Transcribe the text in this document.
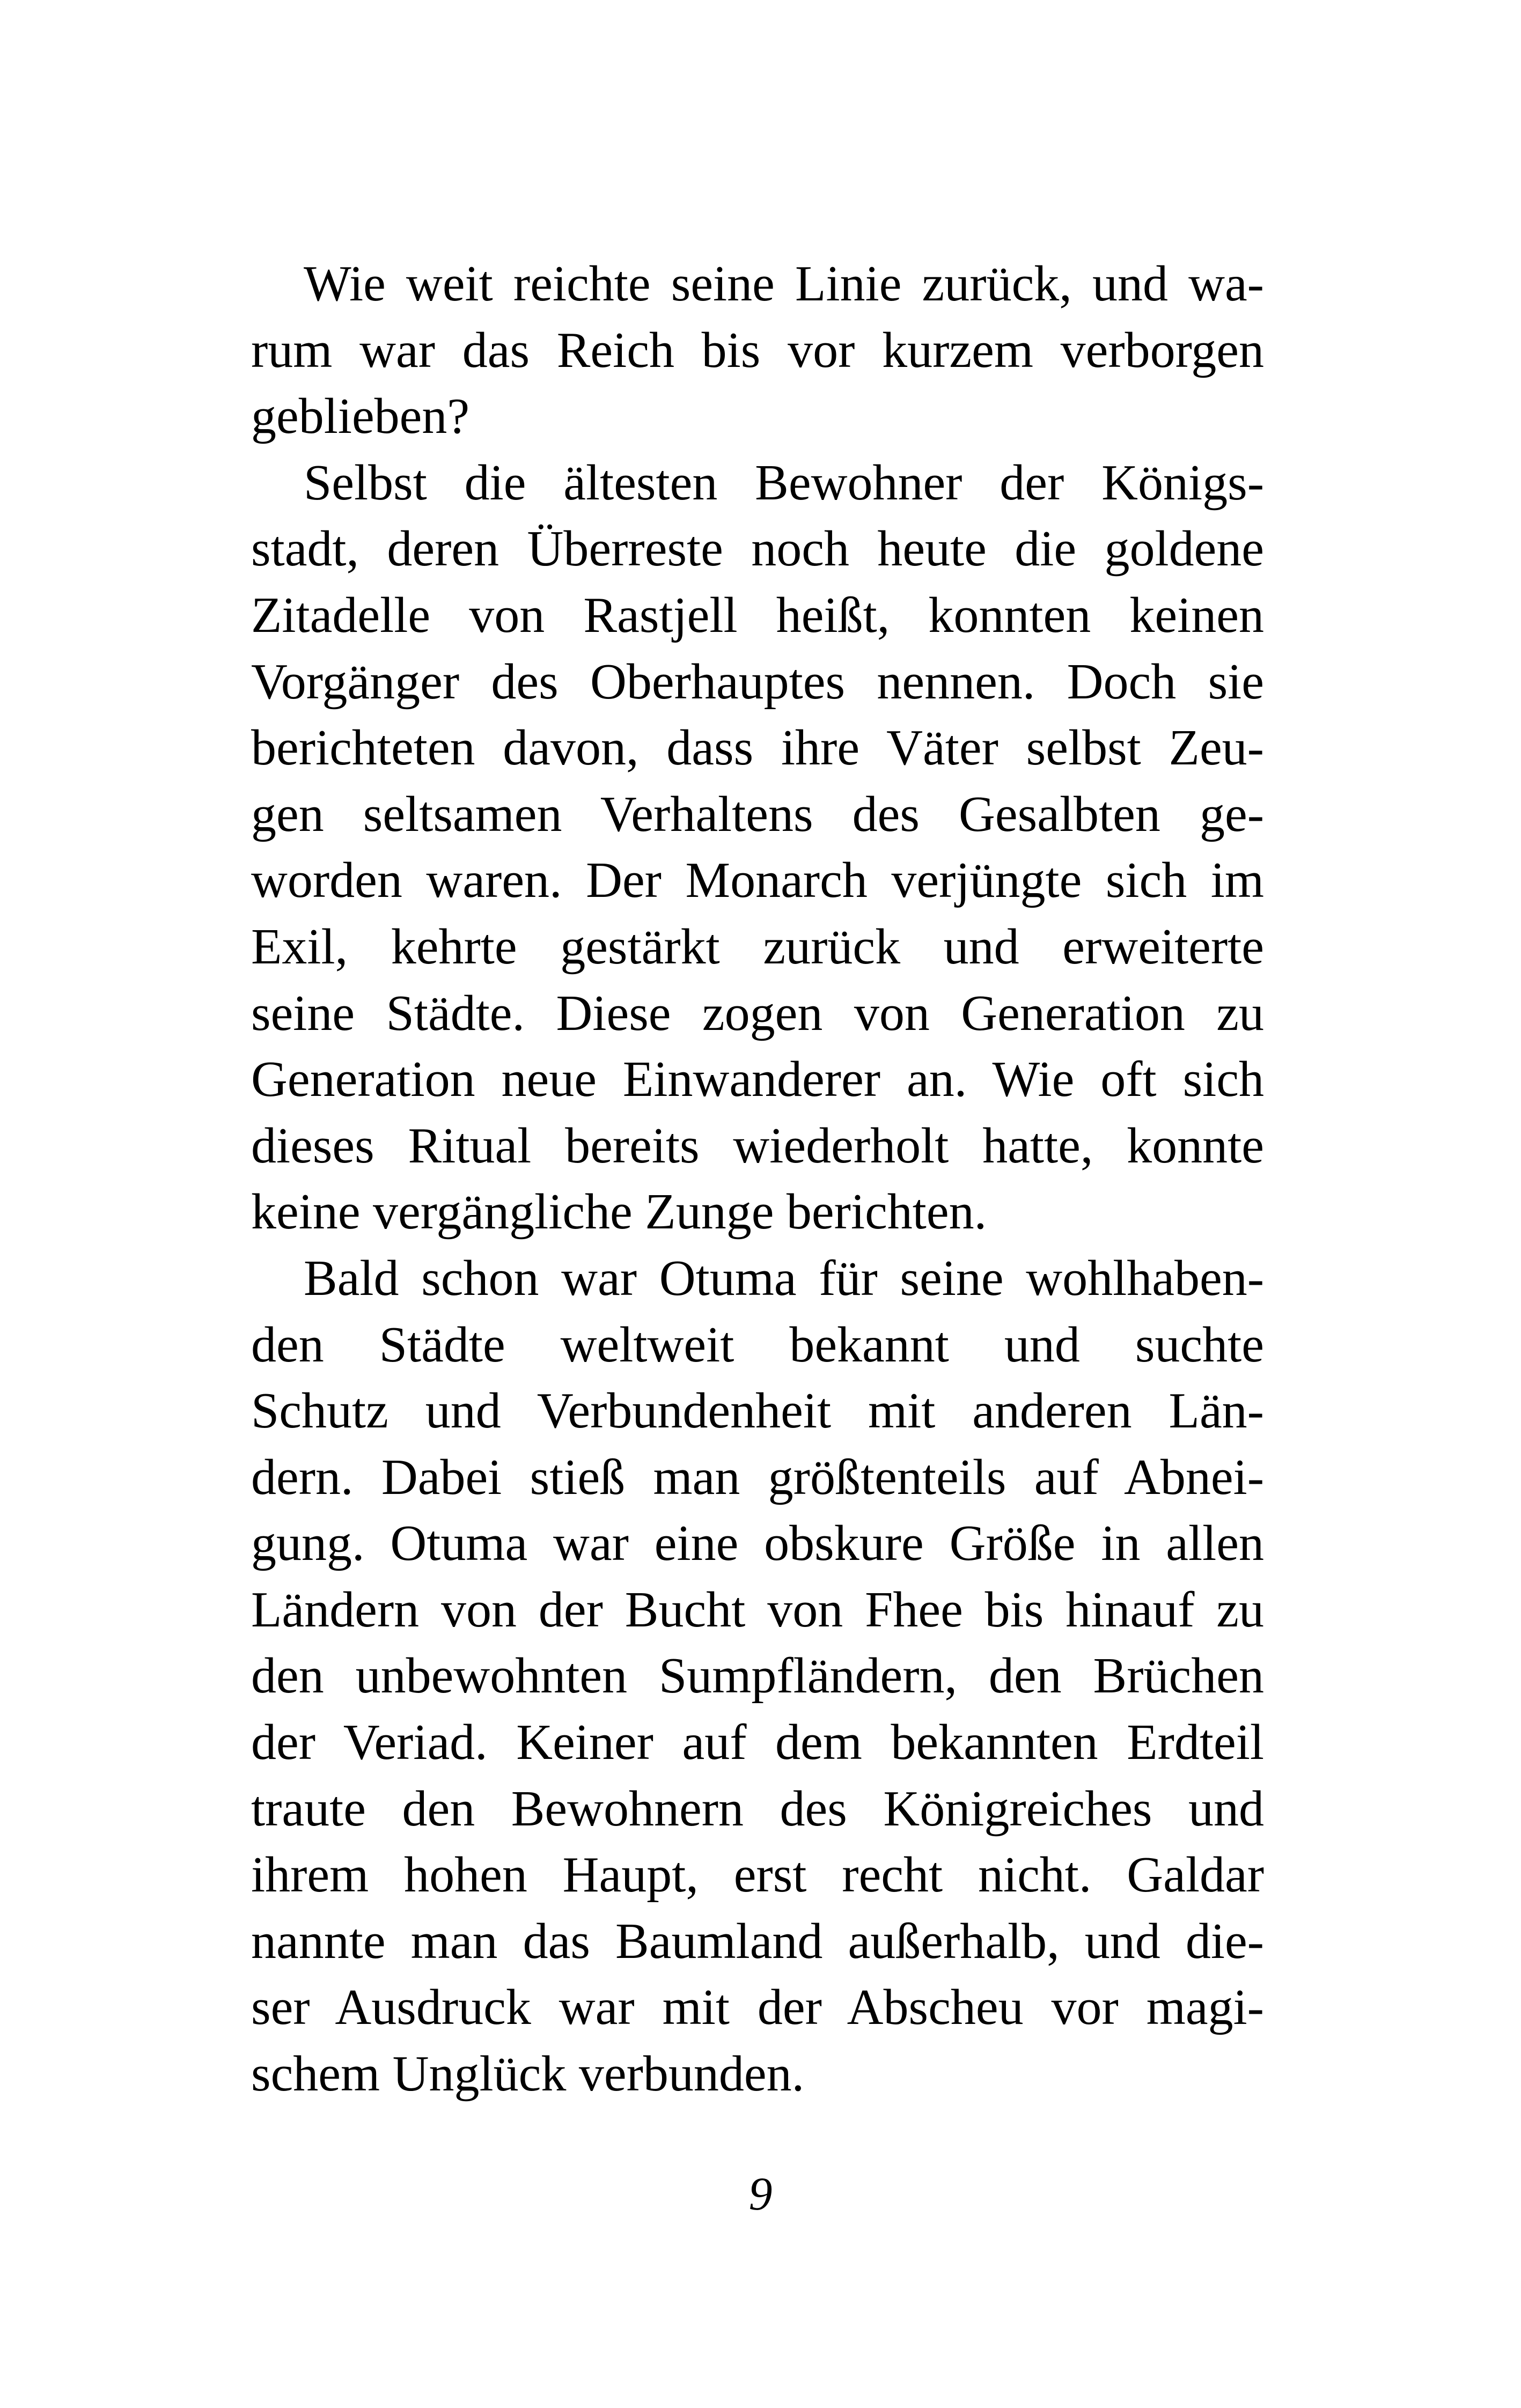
Wie weit reichte seine Linie zurück, und wa-
rum war das Reich bis vor kurzem verborgen
geblieben?
Selbst die ältesten Bewohner der Königs-
stadt, deren Überreste noch heute die goldene
Zitadelle von Rastjell heißt, konnten keinen
Vorgänger des Oberhauptes nennen. Doch sie
berichteten davon, dass ihre Väter selbst Zeu-
gen seltsamen Verhaltens des Gesalbten ge-
worden waren. Der Monarch verjüngte sich im
Exil, kehrte gestärkt zurück und erweiterte
seine Städte. Diese zogen von Generation zu
Generation neue Einwanderer an. Wie oft sich
dieses Ritual bereits wiederholt hatte, konnte
keine vergängliche Zunge berichten.
Bald schon war Otuma für seine wohlhaben-
den Städte weltweit bekannt und suchte
Schutz und Verbundenheit mit anderen Län-
dern. Dabei stieß man größtenteils auf Abnei-
gung. Otuma war eine obskure Größe in allen
Ländern von der Bucht von Fhee bis hinauf zu
den unbewohnten Sumpfländern, den Brüchen
der Veriad. Keiner auf dem bekannten Erdteil
traute den Bewohnern des Königreiches und
ihrem hohen Haupt, erst recht nicht. Galdar
nannte man das Baumland außerhalb, und die-
ser Ausdruck war mit der Abscheu vor magi-
schem Unglück verbunden.
9
